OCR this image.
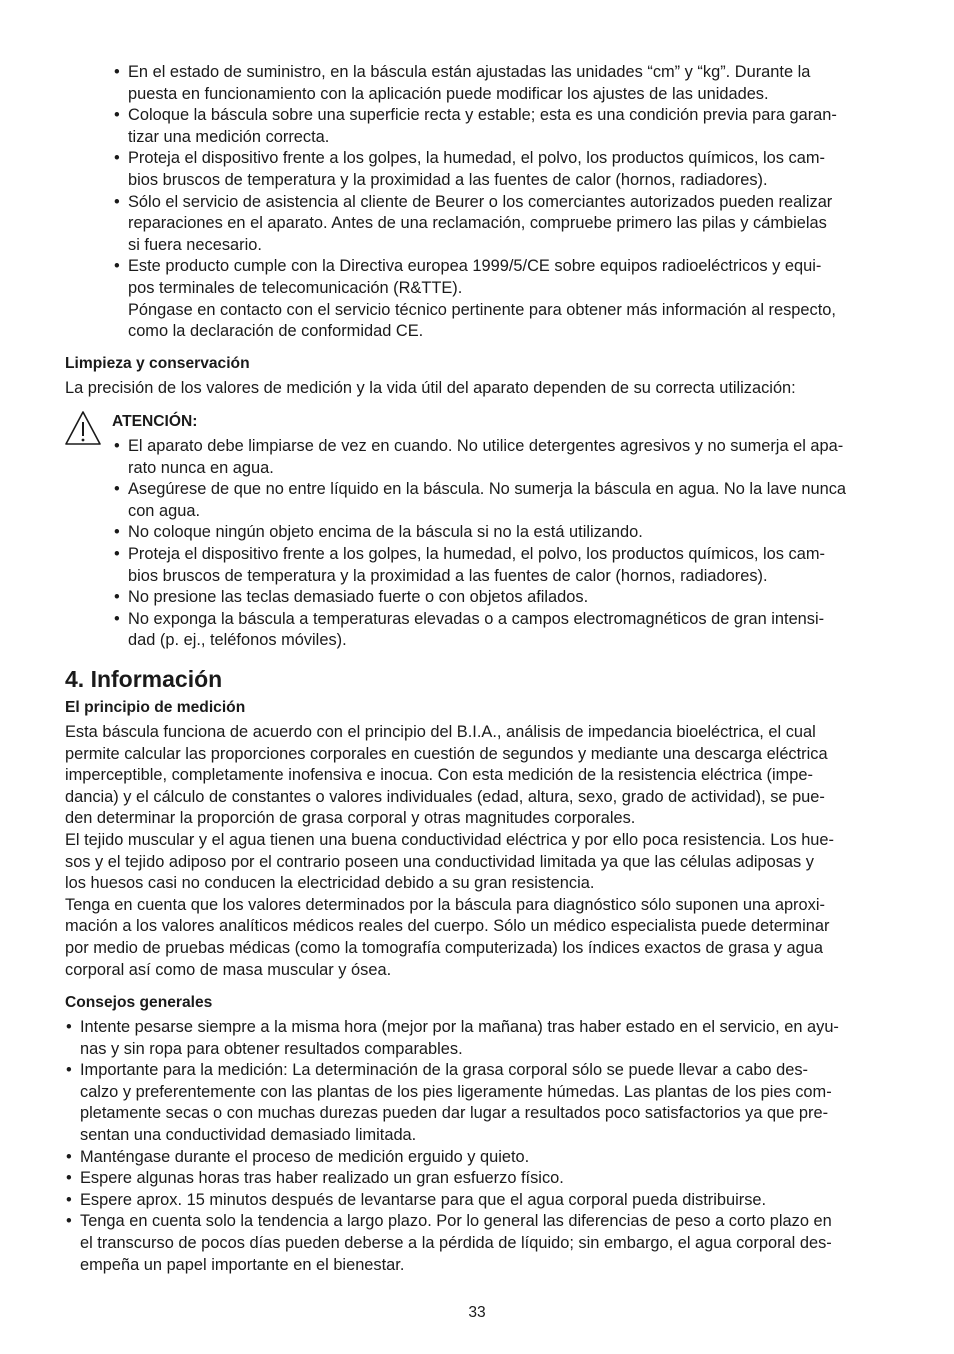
• En el estado de suministro, en la báscula están ajustadas las unidades “cm” y “kg”. Durante la
puesta en funcionamiento con la aplicación puede modificar los ajustes de las unidades.
• Coloque la báscula sobre una superficie recta y estable; esta es una condición previa para garan-
tizar una medición correcta.
• Proteja el dispositivo frente a los golpes, la humedad, el polvo, los productos químicos, los cam-
bios bruscos de temperatura y la proximidad a las fuentes de calor (hornos, radiadores).
• Sólo el servicio de asistencia al cliente de Beurer o los comerciantes autorizados pueden realizar
reparaciones en el aparato. Antes de una reclamación, compruebe primero las pilas y cámbielas
si fuera necesario.
• Este producto cumple con la Directiva europea 1999/5/CE sobre equipos radioeléctricos y equi-
pos terminales de telecomunicación (R&TTE).
Póngase en contacto con el servicio técnico pertinente para obtener más información al respecto,
como la declaración de conformidad CE.
Limpieza y conservación

La precisión de los valores de medición y la vida útil del aparato dependen de su correcta utilización:

ATENCIÓN:
• El aparato debe limpiarse de vez en cuando. No utilice detergentes agresivos y no sumerja el apa-
rato nunca en agua.
• Asegúrese de que no entre líquido en la báscula. No sumerja la báscula en agua. No la lave nunca
con agua.
• No coloque ningún objeto encima de la báscula si no la está utilizando.
• Proteja el dispositivo frente a los golpes, la humedad, el polvo, los productos químicos, los cam-
bios bruscos de temperatura y la proximidad a las fuentes de calor (hornos, radiadores).
• No presione las teclas demasiado fuerte o con objetos afilados.
• No exponga la báscula a temperaturas elevadas o a campos electromagnéticos de gran intensi-
dad (p. ej., teléfonos móviles).
4. Información
El principio de medición
Esta báscula funciona de acuerdo con el principio del B.I.A., análisis de impedancia bioeléctrica, el cual
permite calcular las proporciones corporales en cuestión de segundos y mediante una descarga eléctrica
imperceptible, completamente inofensiva e inocua. Con esta medición de la resistencia eléctrica (impe-
dancia) y el cálculo de constantes o valores individuales (edad, altura, sexo, grado de actividad), se pue-
den determinar la proporción de grasa corporal y otras magnitudes corporales.
El tejido muscular y el agua tienen una buena conductividad eléctrica y por ello poca resistencia. Los hue-
sos y el tejido adiposo por el contrario poseen una conductividad limitada ya que las células adiposas y
los huesos casi no conducen la electricidad debido a su gran resistencia.
Tenga en cuenta que los valores determinados por la báscula para diagnóstico sólo suponen una aproxi-
mación a los valores analíticos médicos reales del cuerpo. Sólo un médico especialista puede determinar
por medio de pruebas médicas (como la tomografía computerizada) los índices exactos de grasa y agua
corporal así como de masa muscular y ósea.
Consejos generales
• Intente pesarse siempre a la misma hora (mejor por la mañana) tras haber estado en el servicio, en ayu-
nas y sin ropa para obtener resultados comparables.
• Importante para la medición: La determinación de la grasa corporal sólo se puede llevar a cabo des-
calzo y preferentemente con las plantas de los pies ligeramente húmedas. Las plantas de los pies com-
pletamente secas o con muchas durezas pueden dar lugar a resultados poco satisfactorios ya que pre-
sentan una conductividad demasiado limitada.
• Manténgase durante el proceso de medición erguido y quieto.
• Espere algunas horas tras haber realizado un gran esfuerzo físico.
• Espere aprox. 15 minutos después de levantarse para que el agua corporal pueda distribuirse.
• Tenga en cuenta solo la tendencia a largo plazo. Por lo general las diferencias de peso a corto plazo en
el transcurso de pocos días pueden deberse a la pérdida de líquido; sin embargo, el agua corporal des-
empeña un papel importante en el bienestar.
33
